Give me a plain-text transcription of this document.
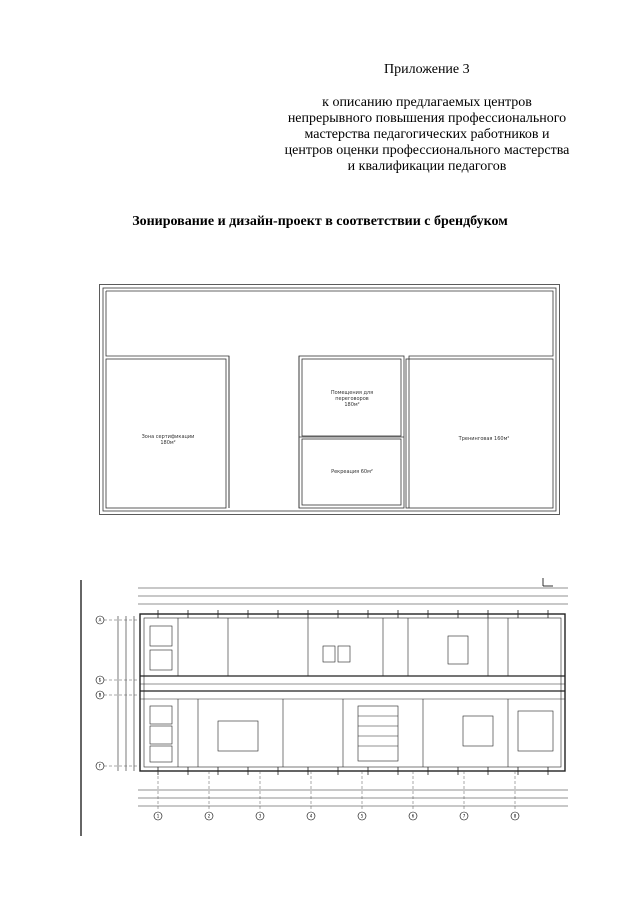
Приложение 3
к описанию предлагаемых центров
непрерывного повышения профессионального
мастерства педагогических работников и
центров оценки профессионального мастерства
и квалификации педагогов
Зонирование и дизайн-проект в соответствии с брендбуком
Зона сертификации
180м²
Помещения для
переговоров
180м²
Рекреация 60м²
Тренинговая 160м²
А
Б
В
Г
1	2	3	4	5	6	7	8
